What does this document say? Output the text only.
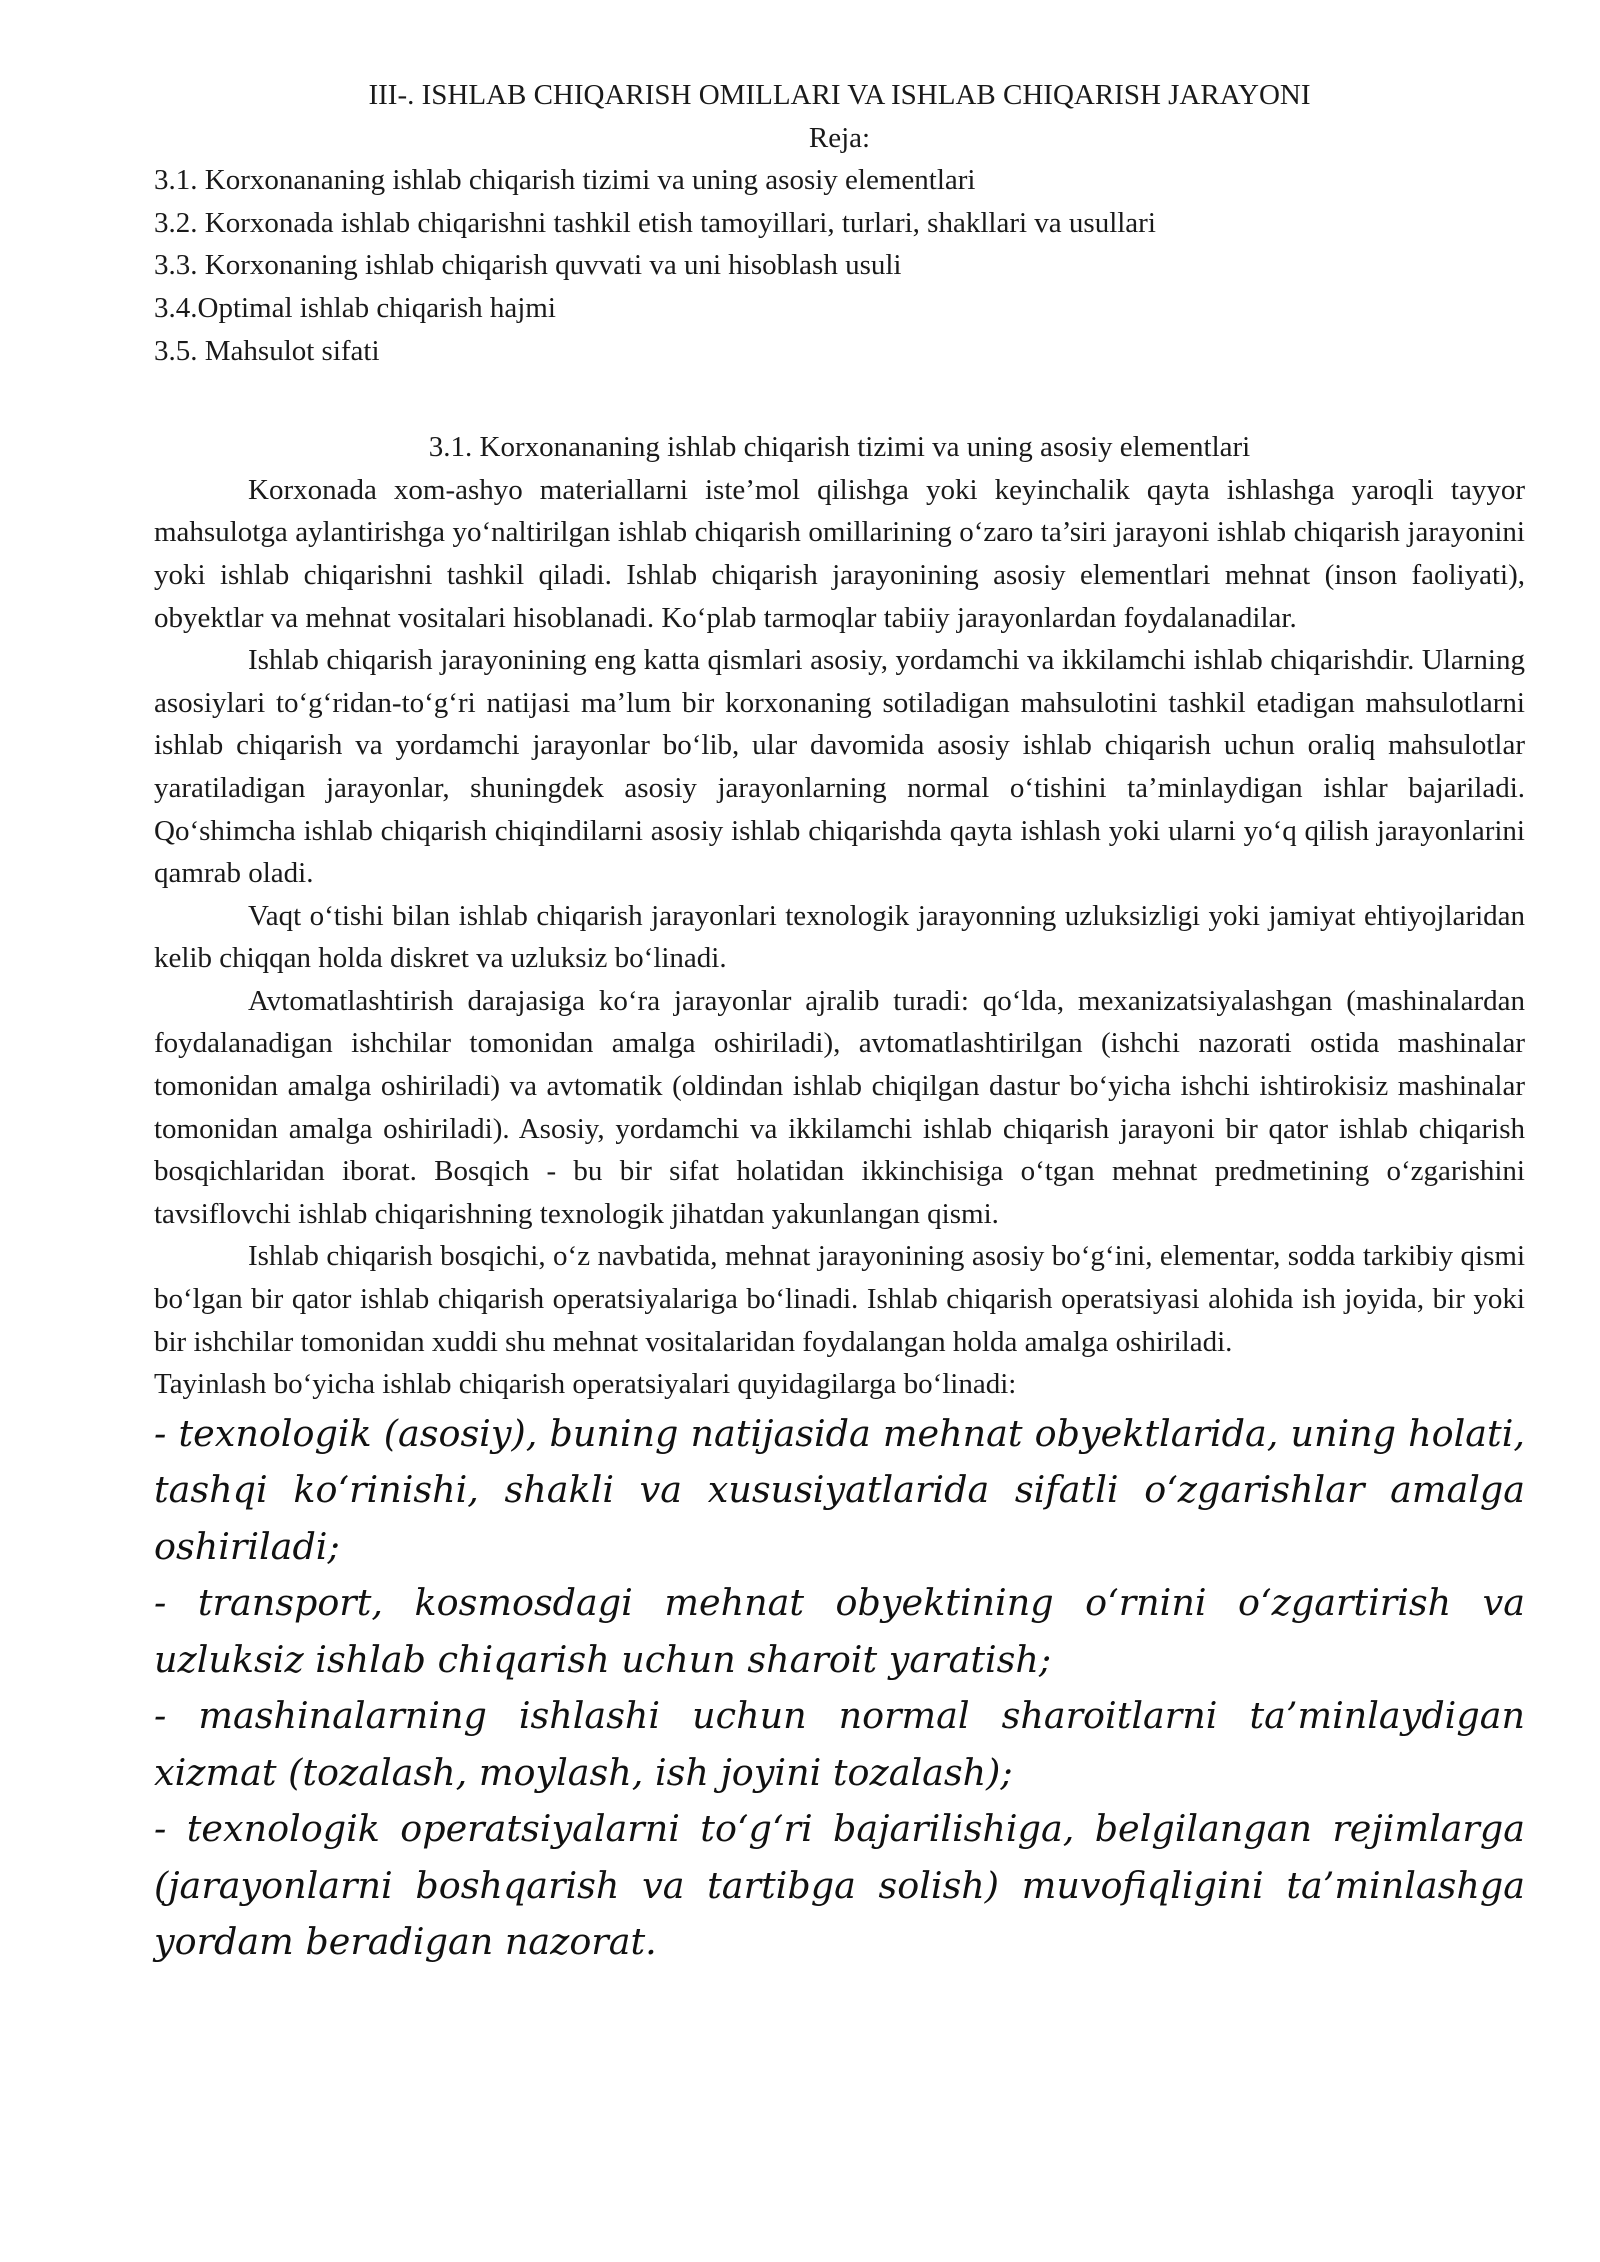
III-. ISHLAB CHIQARISH OMILLARI VA ISHLAB CHIQARISH JARAYONI
Reja:
3.1. Korxonananing ishlab chiqarish tizimi va uning asosiy elementlari
3.2. Korxonada ishlab chiqarishni tashkil etish tamoyillari, turlari, shakllari va usullari
3.3. Korxonaning ishlab chiqarish quvvati va uni hisoblash usuli
3.4.Optimal ishlab chiqarish hajmi
3.5. Mahsulot sifati
3.1. Korxonananing ishlab chiqarish tizimi va uning asosiy elementlari

Korxonada xom-ashyo materiallarni iste’mol qilishga yoki keyinchalik qayta ishlashga yaroqli tayyor mahsulotga aylantirishga yo‘naltirilgan ishlab chiqarish omillarining o‘zaro ta’siri jarayoni ishlab chiqarish jarayonini yoki ishlab chiqarishni tashkil qiladi. Ishlab chiqarish jarayonining asosiy elementlari mehnat (inson faoliyati), obyektlar va mehnat vositalari hisoblanadi. Ko‘plab tarmoqlar tabiiy jarayonlardan foydalanadilar.

Ishlab chiqarish jarayonining eng katta qismlari asosiy, yordamchi va ikkilamchi ishlab chiqarishdir. Ularning asosiylari to‘g‘ridan-to‘g‘ri natijasi ma’lum bir korxonaning sotiladigan mahsulotini tashkil etadigan mahsulotlarni ishlab chiqarish va yordamchi jarayonlar bo‘lib, ular davomida asosiy ishlab chiqarish uchun oraliq mahsulotlar yaratiladigan jarayonlar, shuningdek asosiy jarayonlarning normal o‘tishini ta’minlaydigan ishlar bajariladi. Qo‘shimcha ishlab chiqarish chiqindilarni asosiy ishlab chiqarishda qayta ishlash yoki ularni yo‘q qilish jarayonlarini qamrab oladi.

Vaqt o‘tishi bilan ishlab chiqarish jarayonlari texnologik jarayonning uzluksizligi yoki jamiyat ehtiyojlaridan kelib chiqqan holda diskret va uzluksiz bo‘linadi.

Avtomatlashtirish darajasiga ko‘ra jarayonlar ajralib turadi: qo‘lda, mexanizatsiyalashgan (mashinalardan foydalanadigan ishchilar tomonidan amalga oshiriladi), avtomatlashtirilgan (ishchi nazorati ostida mashinalar tomonidan amalga oshiriladi) va avtomatik (oldindan ishlab chiqilgan dastur bo‘yicha ishchi ishtirokisiz mashinalar tomonidan amalga oshiriladi). Asosiy, yordamchi va ikkilamchi ishlab chiqarish jarayoni bir qator ishlab chiqarish bosqichlaridan iborat. Bosqich - bu bir sifat holatidan ikkinchisiga o‘tgan mehnat predmetining o‘zgarishini tavsiflovchi ishlab chiqarishning texnologik jihatdan yakunlangan qismi.

Ishlab chiqarish bosqichi, o‘z navbatida, mehnat jarayonining asosiy bo‘g‘ini, elementar, sodda tarkibiy qismi bo‘lgan bir qator ishlab chiqarish operatsiyalariga bo‘linadi. Ishlab chiqarish operatsiyasi alohida ish joyida, bir yoki bir ishchilar tomonidan xuddi shu mehnat vositalaridan foydalangan holda amalga oshiriladi.

Tayinlash bo‘yicha ishlab chiqarish operatsiyalari quyidagilarga bo‘linadi:

- texnologik (asosiy), buning natijasida mehnat obyektlarida, uning holati, tashqi ko‘rinishi, shakli va xususiyatlarida sifatli o‘zgarishlar amalga oshiriladi;

- transport, kosmosdagi mehnat obyektining o‘rnini o‘zgartirish va uzluksiz ishlab chiqarish uchun sharoit yaratish;

- mashinalarning ishlashi uchun normal sharoitlarni ta’minlaydigan xizmat (tozalash, moylash, ish joyini tozalash);

- texnologik operatsiyalarni to‘g‘ri bajarilishiga, belgilangan rejimlarga (jarayonlarni boshqarish va tartibga solish) muvofiqligini ta’minlashga yordam beradigan nazorat.
